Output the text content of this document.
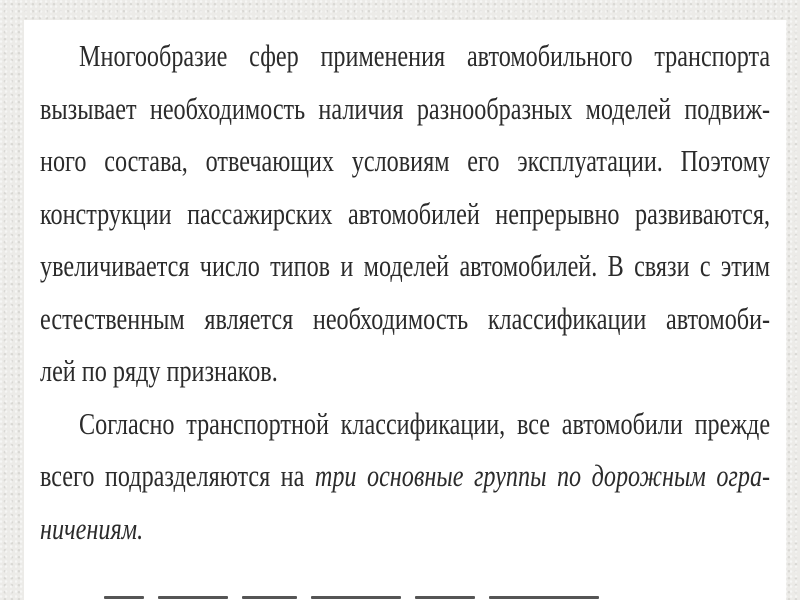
Многообразие сфер применения автомобильного транспорта
вызывает необходимость наличия разнообразных моделей подвиж-
ного состава, отвечающих условиям его эксплуатации. Поэтому
конструкции пассажирских автомобилей непрерывно развиваются,
увеличивается число типов и моделей автомобилей. В связи с этим
естественным является необходимость классификации автомоби-
лей по ряду признаков.
Согласно транспортной классификации, все автомобили прежде
всего подразделяются на три основные группы по дорожным огра-
ничениям.
